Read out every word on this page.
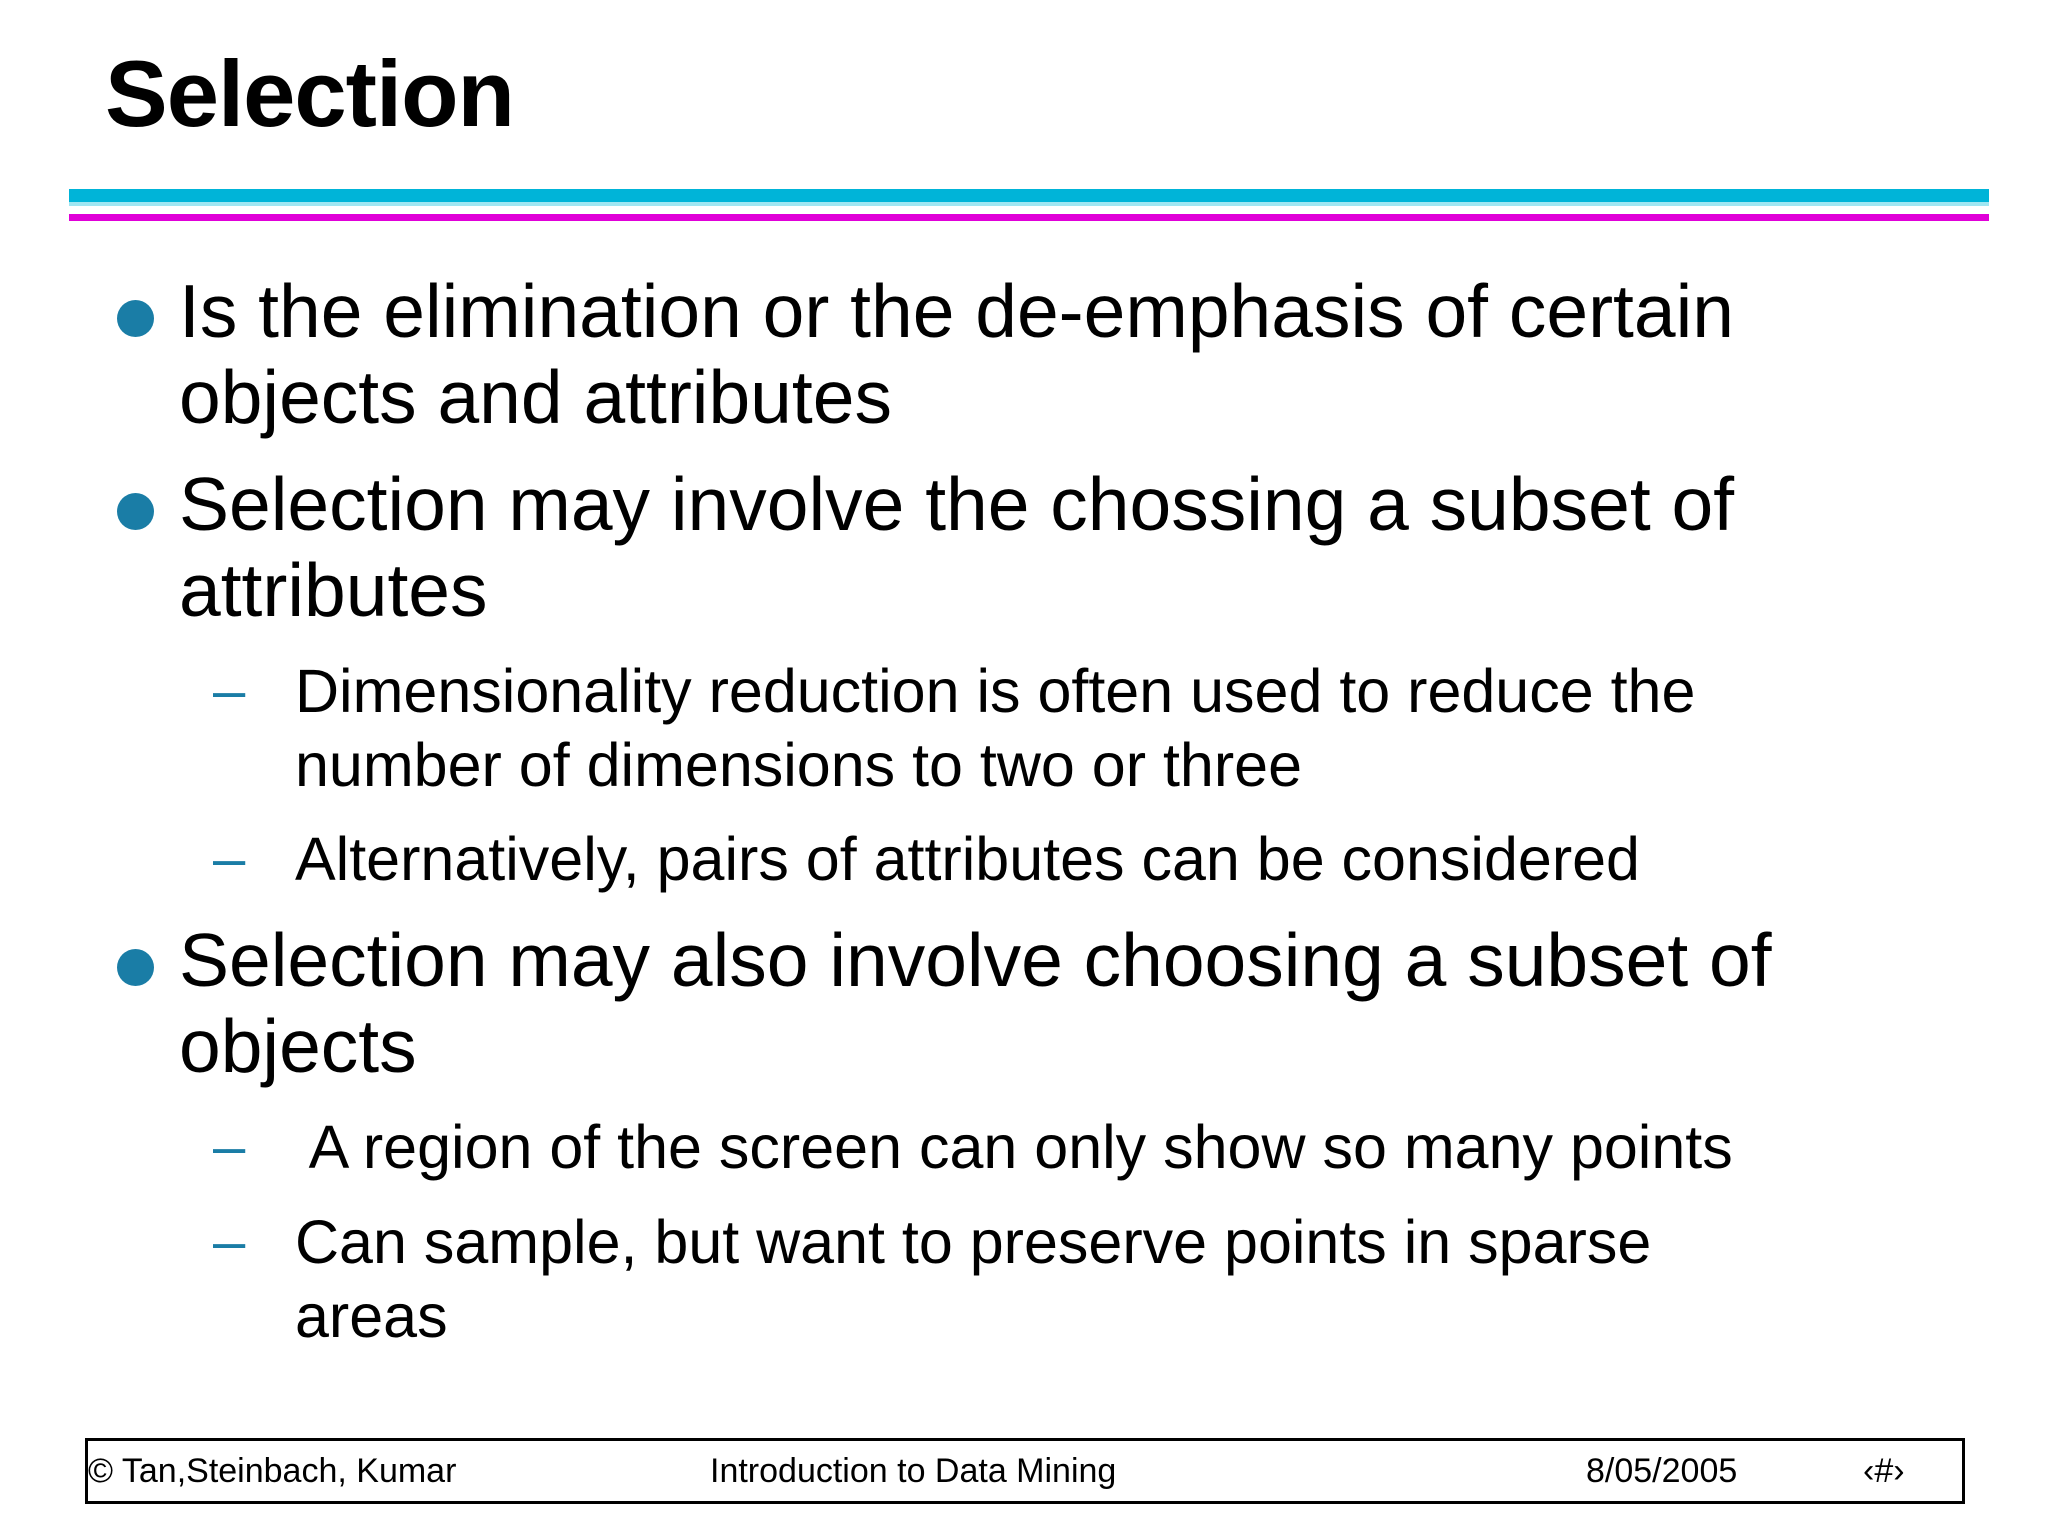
Selection

Is the elimination or the de-emphasis of certain

objects and attributes

Selection may involve the chossing a subset of

attributes

– Dimensionality reduction is often used to reduce the

number of dimensions to two or three

– Alternatively, pairs of attributes can be considered

Selection may also involve choosing a subset of

objects

– A region of the screen can only show so many points

– Can sample, but want to preserve points in sparse

areas

© Tan,Steinbach, Kumar	Introduction to Data Mining	8/05/2005	‹#›
